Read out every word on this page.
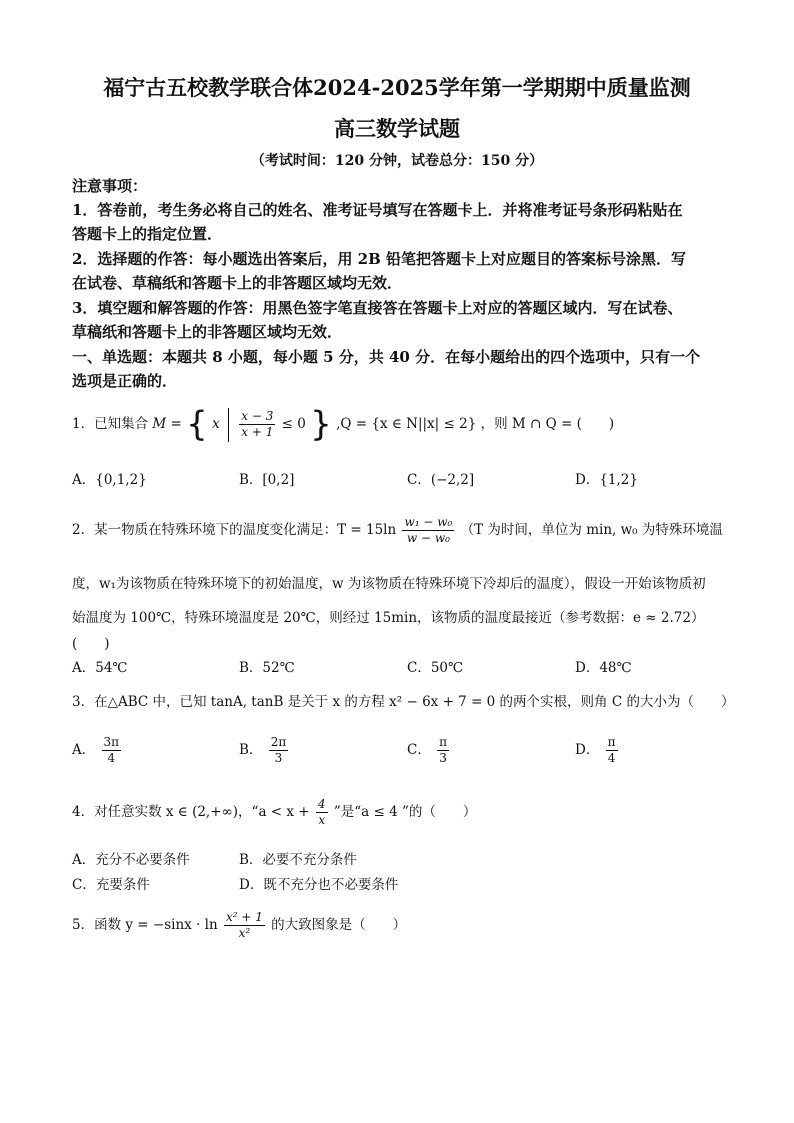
福宁古五校教学联合体2024-2025学年第一学期期中质量监测
高三数学试题
（考试时间：120 分钟，试卷总分：150 分）
注意事项：
1．答卷前，考生务必将自己的姓名、准考证号填写在答题卡上．并将准考证号条形码粘贴在
答题卡上的指定位置．
2．选择题的作答：每小题选出答案后，用 2B 铅笔把答题卡上对应题目的答案标号涂黑．写
在试卷、草稿纸和答题卡上的非答题区域均无效．
3．填空题和解答题的作答：用黑色签字笔直接答在答题卡上对应的答题区域内．写在试卷、
草稿纸和答题卡上的非答题区域均无效．
一、单选题：本题共 8 小题，每小题 5 分，共 40 分．在每小题给出的四个选项中，只有一个
选项是正确的．
1．已知集合 M = { x $\frac{x - 3}{x + 1} \le 0$ } ,Q = {x ∈ N||x| ≤ 2} ，则 M ∩ Q = (　　)
A．{0,1,2}	B．[0,2]	C．(−2,2]	D．{1,2}
2．某一物质在特殊环境下的温度变化满足：$T = 15\ln \frac{\text{w₁ − w₀}}{\text{w − w₀}} (T$ 为时间，单位为 min, w₀ 为特殊环境温
度，w₁为该物质在特殊环境下的初始温度，w 为该物质在特殊环境下冷却后的温度），假设一开始该物质初
始温度为 100℃，特殊环境温度是 20℃，则经过 15min，该物质的温度最接近（参考数据：e ≈ 2.72）
(　　)
A．54℃	B．52℃	C．50℃	D．48℃
3．在△ABC 中，已知 tanA, tanB 是关于 x 的方程 x² − 6x + 7 = 0 的两个实根，则角 C 的大小为（　　）
A． $\frac{3\pi}{4}$	B． $\frac{2\pi}{3}$	C． $\frac{\pi}{3}$	D． $\frac{\pi}{4}$
4．对任意实数 x ∈ (2,+∞)，“$a < x + \frac{4}{x}$ ”是“a ≤ 4 ”的（　　）
A．充分不必要条件	B．必要不充分条件
C．充要条件	D．既不充分也不必要条件
5．函数 $y = -\sin x \cdot \ln \frac{\text{x² + 1}}{\text{x²}}$ 的大致图象是（　　）
